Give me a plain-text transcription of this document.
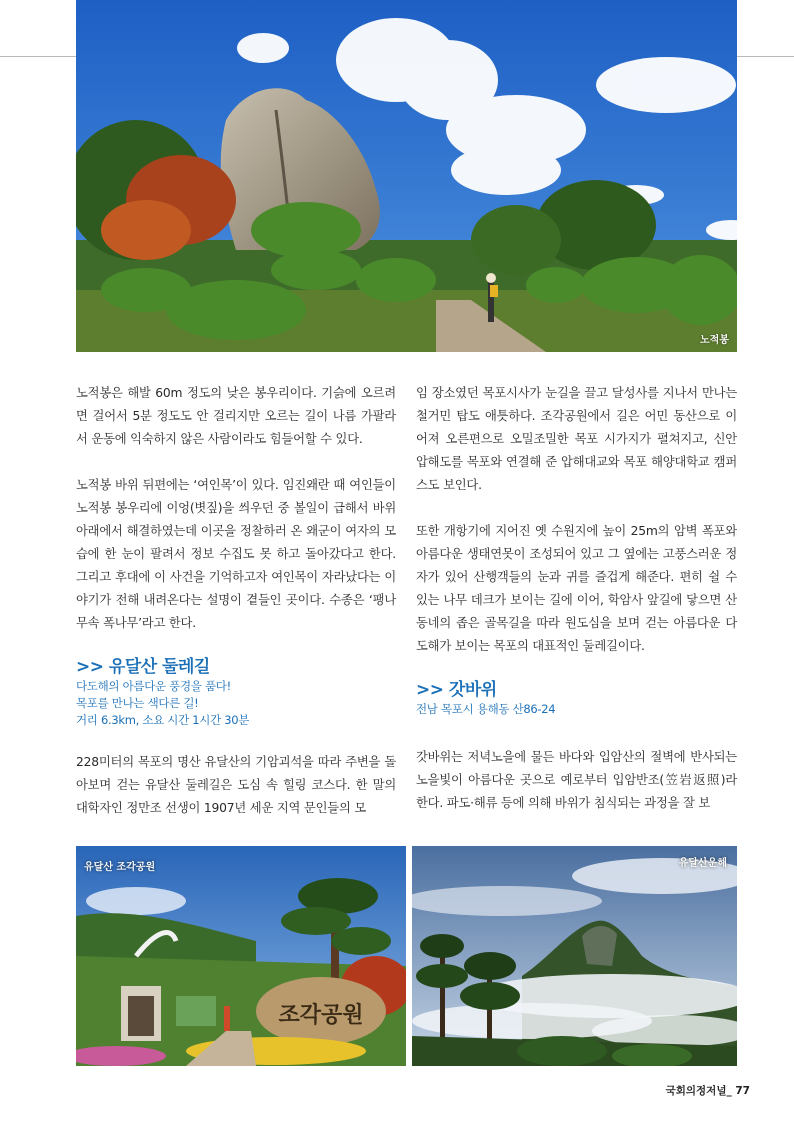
노적봉

노적봉은 해발 60m 정도의 낮은 봉우리이다. 기슭에 오르려면 걸어서 5분 정도도 안 걸리지만 오르는 길이 나름 가팔라서 운동에 익숙하지 않은 사람이라도 힘들어할 수 있다.

노적봉 바위 뒤편에는 ‘여인목’이 있다. 임진왜란 때 여인들이 노적봉 봉우리에 이엉(볏짚)을 씌우던 중 볼일이 급해서 바위 아래에서 해결하였는데 이곳을 정찰하러 온 왜군이 여자의 모습에 한 눈이 팔려서 정보 수집도 못 하고 돌아갔다고 한다. 그리고 후대에 이 사건을 기억하고자 여인목이 자라났다는 이야기가 전해 내려온다는 설명이 곁들인 곳이다. 수종은 ‘팽나무속 폭나무’라고 한다.

>> 유달산 둘레길

다도해의 아름다운 풍경을 품다!

목포를 만나는 색다른 길!

거리 6.3km, 소요 시간 1시간 30분

228미터의 목포의 명산 유달산의 기암괴석을 따라 주변을 돌아보며 걷는 유달산 둘레길은 도심 속 힐링 코스다. 한 말의 대학자인 정만조 선생이 1907년 세운 지역 문인들의 모

임 장소였던 목포시사가 눈길을 끌고 달성사를 지나서 만나는 철거민 탑도 애틋하다. 조각공원에서 길은 어민 동산으로 이어져 오른편으로 오밀조밀한 목포 시가지가 펼쳐지고, 신안 압해도를 목포와 연결해 준 압해대교와 목포 해양대학교 캠퍼스도 보인다.

또한 개항기에 지어진 옛 수원지에 높이 25m의 암벽 폭포와 아름다운 생태연못이 조성되어 있고 그 옆에는 고풍스러운 정자가 있어 산행객들의 눈과 귀를 즐겁게 해준다. 편히 쉴 수 있는 나무 데크가 보이는 길에 이어, 학암사 앞길에 닿으면 산동네의 좁은 골목길을 따라 원도심을 보며 걷는 아름다운 다도해가 보이는 목포의 대표적인 둘레길이다.

>> 갓바위

전남 목포시 용해동 산86-24

갓바위는 저녁노을에 물든 바다와 입암산의 절벽에 반사되는 노을빛이 아름다운 곳으로 예로부터 입암반조(笠岩返照)라 한다. 파도·해류 등에 의해 바위가 침식되는 과정을 잘 보

조각공원
유달산 조각공원	유달산운해
국회의정저널_ 77
